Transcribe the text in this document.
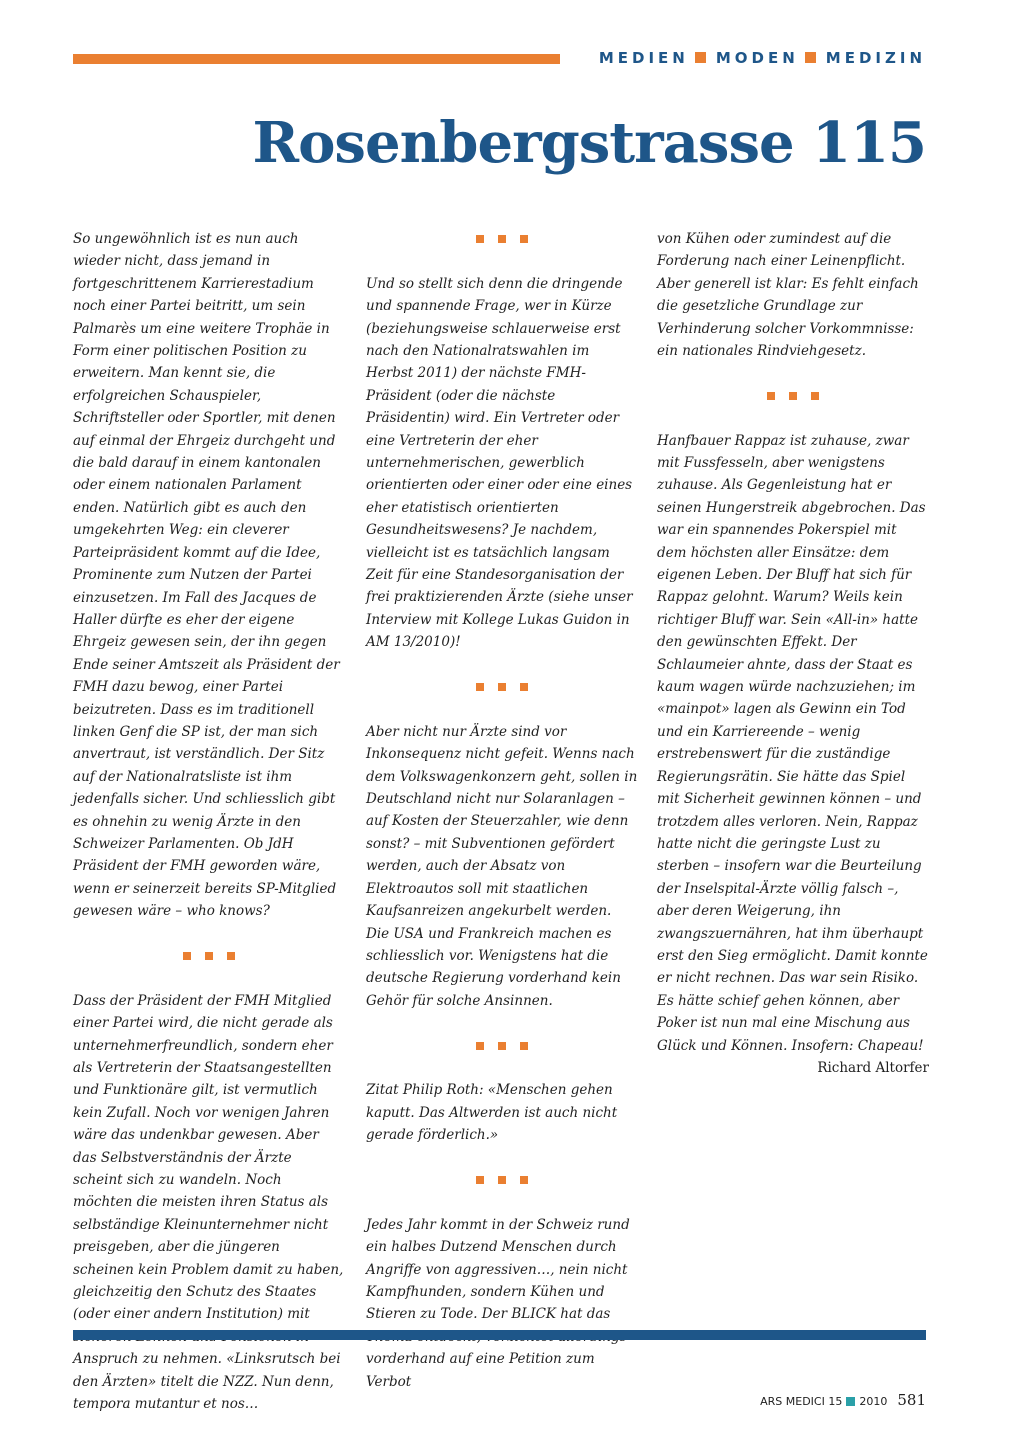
MEDIEN MODEN MEDIZIN
Rosenbergstrasse 115

So ungewöhnlich ist es nun auch wieder nicht, dass jemand in fortgeschrittenem Karrierestadium noch einer Partei beitritt, um sein Palmarès um eine weitere Trophäe in Form einer politischen Position zu erweitern. Man kennt sie, die erfolgreichen Schauspieler, Schriftsteller oder Sportler, mit denen auf einmal der Ehrgeiz durchgeht und die bald darauf in einem kantonalen oder einem nationalen Parlament enden. Natürlich gibt es auch den umgekehrten Weg: ein cleverer Parteipräsident kommt auf die Idee, Prominente zum Nutzen der Partei einzusetzen. Im Fall des Jacques de Haller dürfte es eher der eigene Ehrgeiz gewesen sein, der ihn gegen Ende seiner Amtszeit als Präsident der FMH dazu bewog, einer Partei beizutreten. Dass es im traditionell linken Genf die SP ist, der man sich anvertraut, ist verständlich. Der Sitz auf der Nationalratsliste ist ihm jedenfalls sicher. Und schliesslich gibt es ohnehin zu wenig Ärzte in den Schweizer Parlamenten. Ob JdH Präsident der FMH geworden wäre, wenn er seinerzeit bereits SP-Mitglied gewesen wäre – who knows?

Dass der Präsident der FMH Mitglied einer Partei wird, die nicht gerade als unternehmerfreundlich, sondern eher als Vertreterin der Staatsangestellten und Funktionäre gilt, ist vermutlich kein Zufall. Noch vor wenigen Jahren wäre das undenkbar gewesen. Aber das Selbstverständnis der Ärzte scheint sich zu wandeln. Noch möchten die meisten ihren Status als selbständige Kleinunternehmer nicht preisgeben, aber die jüngeren scheinen kein Problem damit zu haben, gleichzeitig den Schutz des Staates (oder einer andern Institution) mit Anspruch zu nehmen. «Linksrutsch bei den Ärzten» titelt die NZZ. Nun denn, tempora mutantur et nos…

Und so stellt sich denn die dringende und spannende Frage, wer in Kürze (beziehungsweise schlauerweise erst nach den Nationalratswahlen im Herbst 2011) der nächste FMH-Präsident (oder die nächste Präsidentin) wird. Ein Vertreter oder eine Vertreterin der eher unternehmerischen, gewerblich orientierten oder einer oder eine eines eher etatistisch orientierten Gesundheitswesens? Je nachdem, vielleicht ist es tatsächlich langsam Zeit für eine Standesorganisation der frei praktizierenden Ärzte (siehe unser Interview mit Kollege Lukas Guidon in AM 13/2010)!

Aber nicht nur Ärzte sind vor Inkonsequenz nicht gefeit. Wenns nach dem Volkswagenkonzern geht, sollen in Deutschland nicht nur Solaranlagen – auf Kosten der Steuerzahler, wie denn sonst? – mit Subventionen gefördert werden, auch der Absatz von Elektroautos soll mit staatlichen Kaufsanreizen angekurbelt werden. Die USA und Frankreich machen es schliesslich vor. Wenigstens hat die deutsche Regierung vorderhand kein Gehör für solche Ansinnen.

Zitat Philip Roth: «Menschen gehen kaputt. Das Altwerden ist auch nicht gerade förderlich.»

Jedes Jahr kommt in der Schweiz rund ein halbes Dutzend Menschen durch Angriffe von aggressiven…, nein nicht Kampfhunden, sondern Kühen und Stieren zu Tode. Der BLICK hat das vorderhand auf eine Petition zum Verbot

von Kühen oder zumindest auf die Forderung nach einer Leinenpflicht. Aber generell ist klar: Es fehlt einfach die gesetzliche Grundlage zur Verhinderung solcher Vorkommnisse: ein nationales Rindviehgesetz.

Hanfbauer Rappaz ist zuhause, zwar mit Fussfesseln, aber wenigstens zuhause. Als Gegenleistung hat er seinen Hungerstreik abgebrochen. Das war ein spannendes Pokerspiel mit dem höchsten aller Einsätze: dem eigenen Leben. Der Bluff hat sich für Rappaz gelohnt. Warum? Weils kein richtiger Bluff war. Sein «All-in» hatte den gewünschten Effekt. Der Schlaumeier ahnte, dass der Staat es kaum wagen würde nachzuziehen; im «mainpot» lagen als Gewinn ein Tod und ein Karriereende – wenig erstrebenswert für die zuständige Regierungsrätin. Sie hätte das Spiel mit Sicherheit gewinnen können – und trotzdem alles verloren. Nein, Rappaz hatte nicht die geringste Lust zu sterben – insofern war die Beurteilung der Inselspital-Ärzte völlig falsch –, aber deren Weigerung, ihn zwangszuernähren, hat ihm überhaupt erst den Sieg ermöglicht. Damit konnte er nicht rechnen. Das war sein Risiko. Es hätte schief gehen können, aber Poker ist nun mal eine Mischung aus Glück und Können. Insofern: Chapeau!

Richard Altorfer

ARS MEDICI 15 2010 581
